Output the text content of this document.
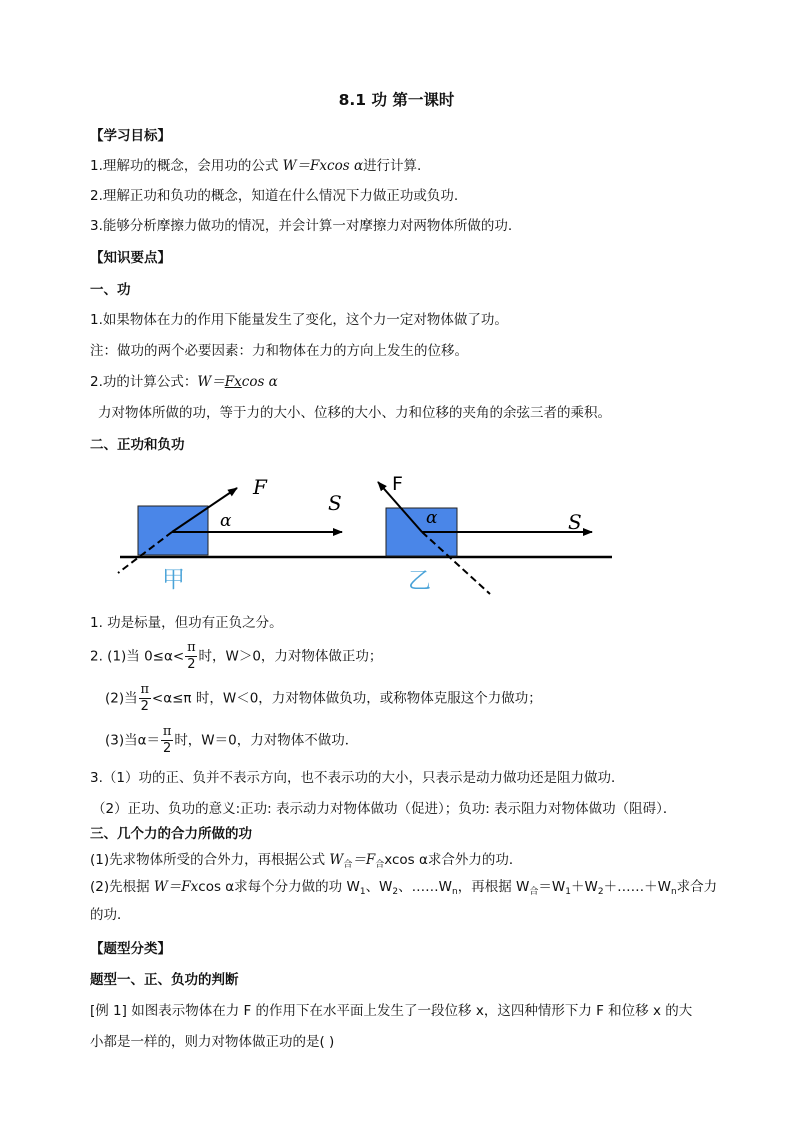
8.1 功 第一课时
【学习目标】
1.理解功的概念，会用功的公式 W＝Fxcos α进行计算.
2.理解正功和负功的概念，知道在什么情况下力做正功或负功.
3.能够分析摩擦力做功的情况，并会计算一对摩擦力对两物体所做的功.
【知识要点】
一、功
1.如果物体在力的作用下能量发生了变化，这个力一定对物体做了功。
注：做功的两个必要因素：力和物体在力的方向上发生的位移。
2.功的计算公式：W＝Fxcos α
力对物体所做的功，等于力的大小、位移的大小、力和位移的夹角的余弦三者的乘积。
二、正功和负功
F
α
S
甲
F
α	S
乙
1. 功是标量，但功有正负之分。
2. (1)当 $0\le\alpha< \frac{\pi}{2}$ 时，W＞0，力对物体做正功；
(2)当 $\frac{\pi}{2} <\alpha\le\pi$ 时，W＜0，力对物体做负功，或称物体克服这个力做功；
(3)当$\alpha= \frac{\pi}{2}$ 时，W＝0，力对物体不做功．
3.（1）功的正、负并不表示方向，也不表示功的大小，只表示是动力做功还是阻力做功．
（2）正功、负功的意义:正功: 表示动力对物体做功（促进）；负功: 表示阻力对物体做功（阻碍）．
三、几个力的合力所做的功
(1)先求物体所受的合外力，再根据公式 $W_合=F_合xcos$ α求合外力的功．
(2)先根据 W＝Fxcos α求每个分力做的功 $W_1$、$W_2$、$\dots\dots W_n$，再根据 $W_合=W_1+W_2+\dots\dots+W_n$求合力
的功．
【题型分类】
题型一、正、负功的判断
[例 1] 如图表示物体在力 F 的作用下在水平面上发生了一段位移 x，这四种情形下力 F 和位移 x 的大
小都是一样的，则力对物体做正功的是( )
